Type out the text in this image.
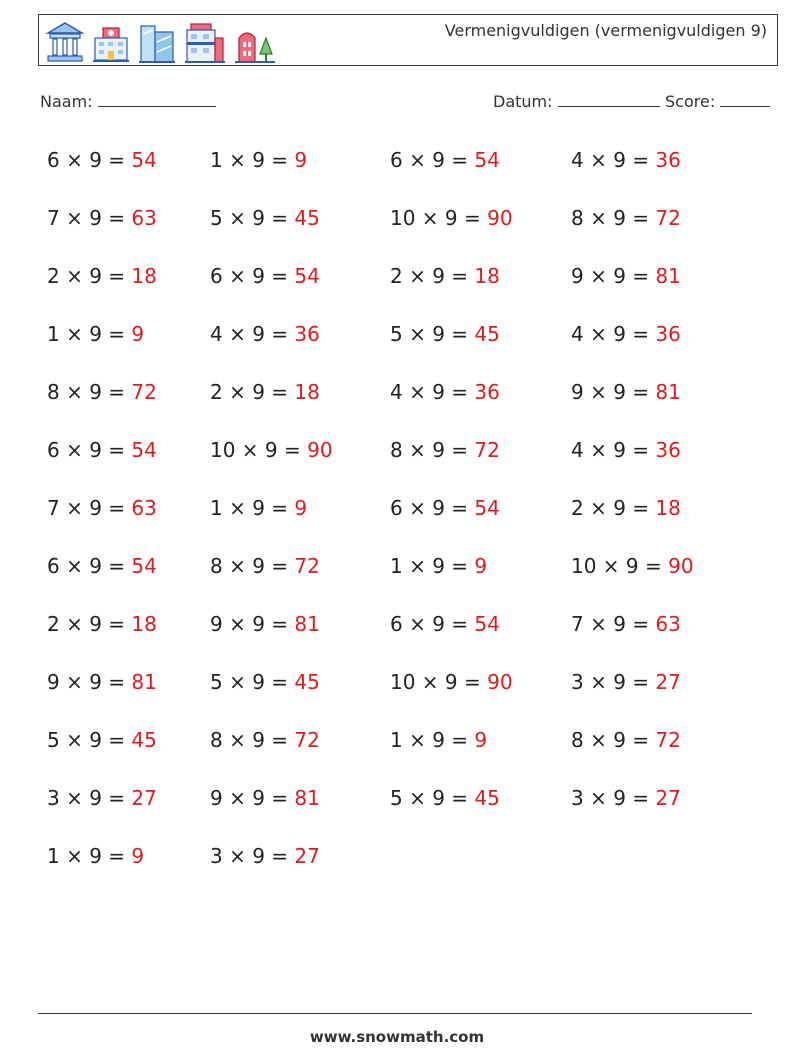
Vermenigvuldigen (vermenigvuldigen 9)
Naam:	Datum:	Score:
6 × 9 = 54	1 × 9 = 9	6 × 9 = 54	4 × 9 = 36
7 × 9 = 63	5 × 9 = 45	10 × 9 = 90	8 × 9 = 72
2 × 9 = 18	6 × 9 = 54	2 × 9 = 18	9 × 9 = 81
1 × 9 = 9	4 × 9 = 36	5 × 9 = 45	4 × 9 = 36
8 × 9 = 72	2 × 9 = 18	4 × 9 = 36	9 × 9 = 81
6 × 9 = 54	10 × 9 = 90	8 × 9 = 72	4 × 9 = 36
7 × 9 = 63	1 × 9 = 9	6 × 9 = 54	2 × 9 = 18
6 × 9 = 54	8 × 9 = 72	1 × 9 = 9	10 × 9 = 90
2 × 9 = 18	9 × 9 = 81	6 × 9 = 54	7 × 9 = 63
9 × 9 = 81	5 × 9 = 45	10 × 9 = 90	3 × 9 = 27
5 × 9 = 45	8 × 9 = 72	1 × 9 = 9	8 × 9 = 72
3 × 9 = 27	9 × 9 = 81	5 × 9 = 45	3 × 9 = 27
1 × 9 = 9	3 × 9 = 27
www.snowmath.com
